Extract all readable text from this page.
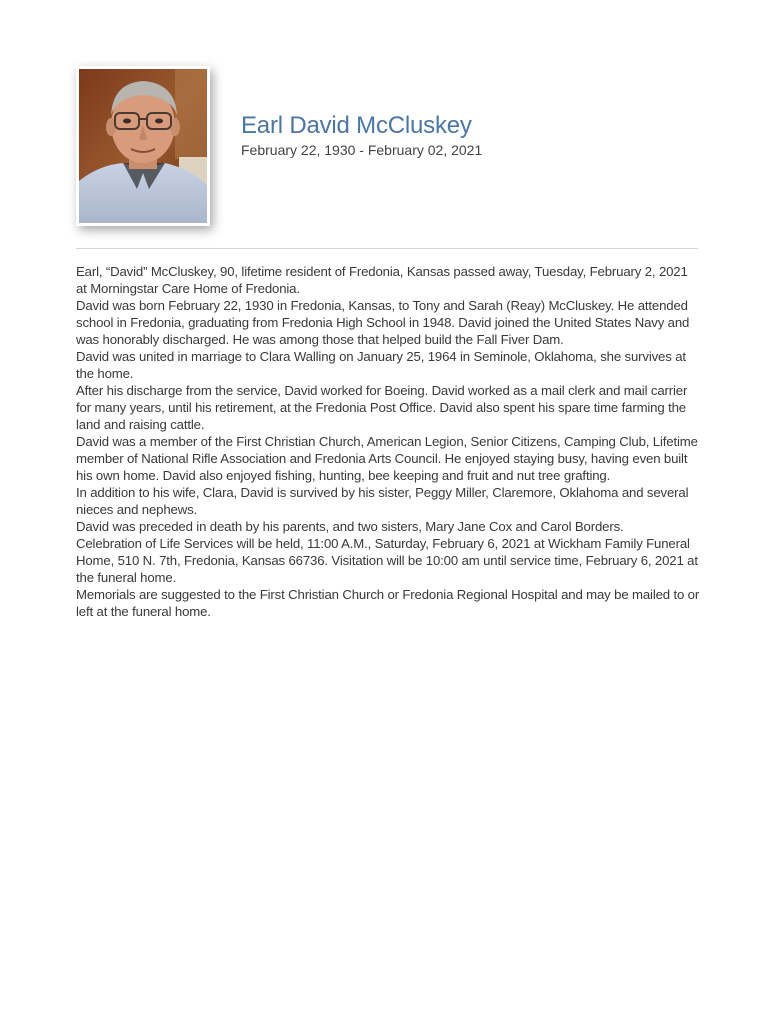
Earl David McCluskey

February 22, 1930 - February 02, 2021

Earl, “David” McCluskey, 90, lifetime resident of Fredonia, Kansas passed away, Tuesday, February 2, 2021 at Morningstar Care Home of Fredonia.

David was born February 22, 1930 in Fredonia, Kansas, to Tony and Sarah (Reay) McCluskey. He attended school in Fredonia, graduating from Fredonia High School in 1948. David joined the United States Navy and was honorably discharged. He was among those that helped build the Fall Fiver Dam.

David was united in marriage to Clara Walling on January 25, 1964 in Seminole, Oklahoma, she survives at the home.

After his discharge from the service, David worked for Boeing. David worked as a mail clerk and mail carrier for many years, until his retirement, at the Fredonia Post Office. David also spent his spare time farming the land and raising cattle.

David was a member of the First Christian Church, American Legion, Senior Citizens, Camping Club, Lifetime member of National Rifle Association and Fredonia Arts Council. He enjoyed staying busy, having even built his own home. David also enjoyed fishing, hunting, bee keeping and fruit and nut tree grafting.

In addition to his wife, Clara, David is survived by his sister, Peggy Miller, Claremore, Oklahoma and several nieces and nephews.

David was preceded in death by his parents, and two sisters, Mary Jane Cox and Carol Borders.

Celebration of Life Services will be held, 11:00 A.M., Saturday, February 6, 2021 at Wickham Family Funeral Home, 510 N. 7th, Fredonia, Kansas 66736. Visitation will be 10:00 am until service time, February 6, 2021 at the funeral home.

Memorials are suggested to the First Christian Church or Fredonia Regional Hospital and may be mailed to or left at the funeral home.
